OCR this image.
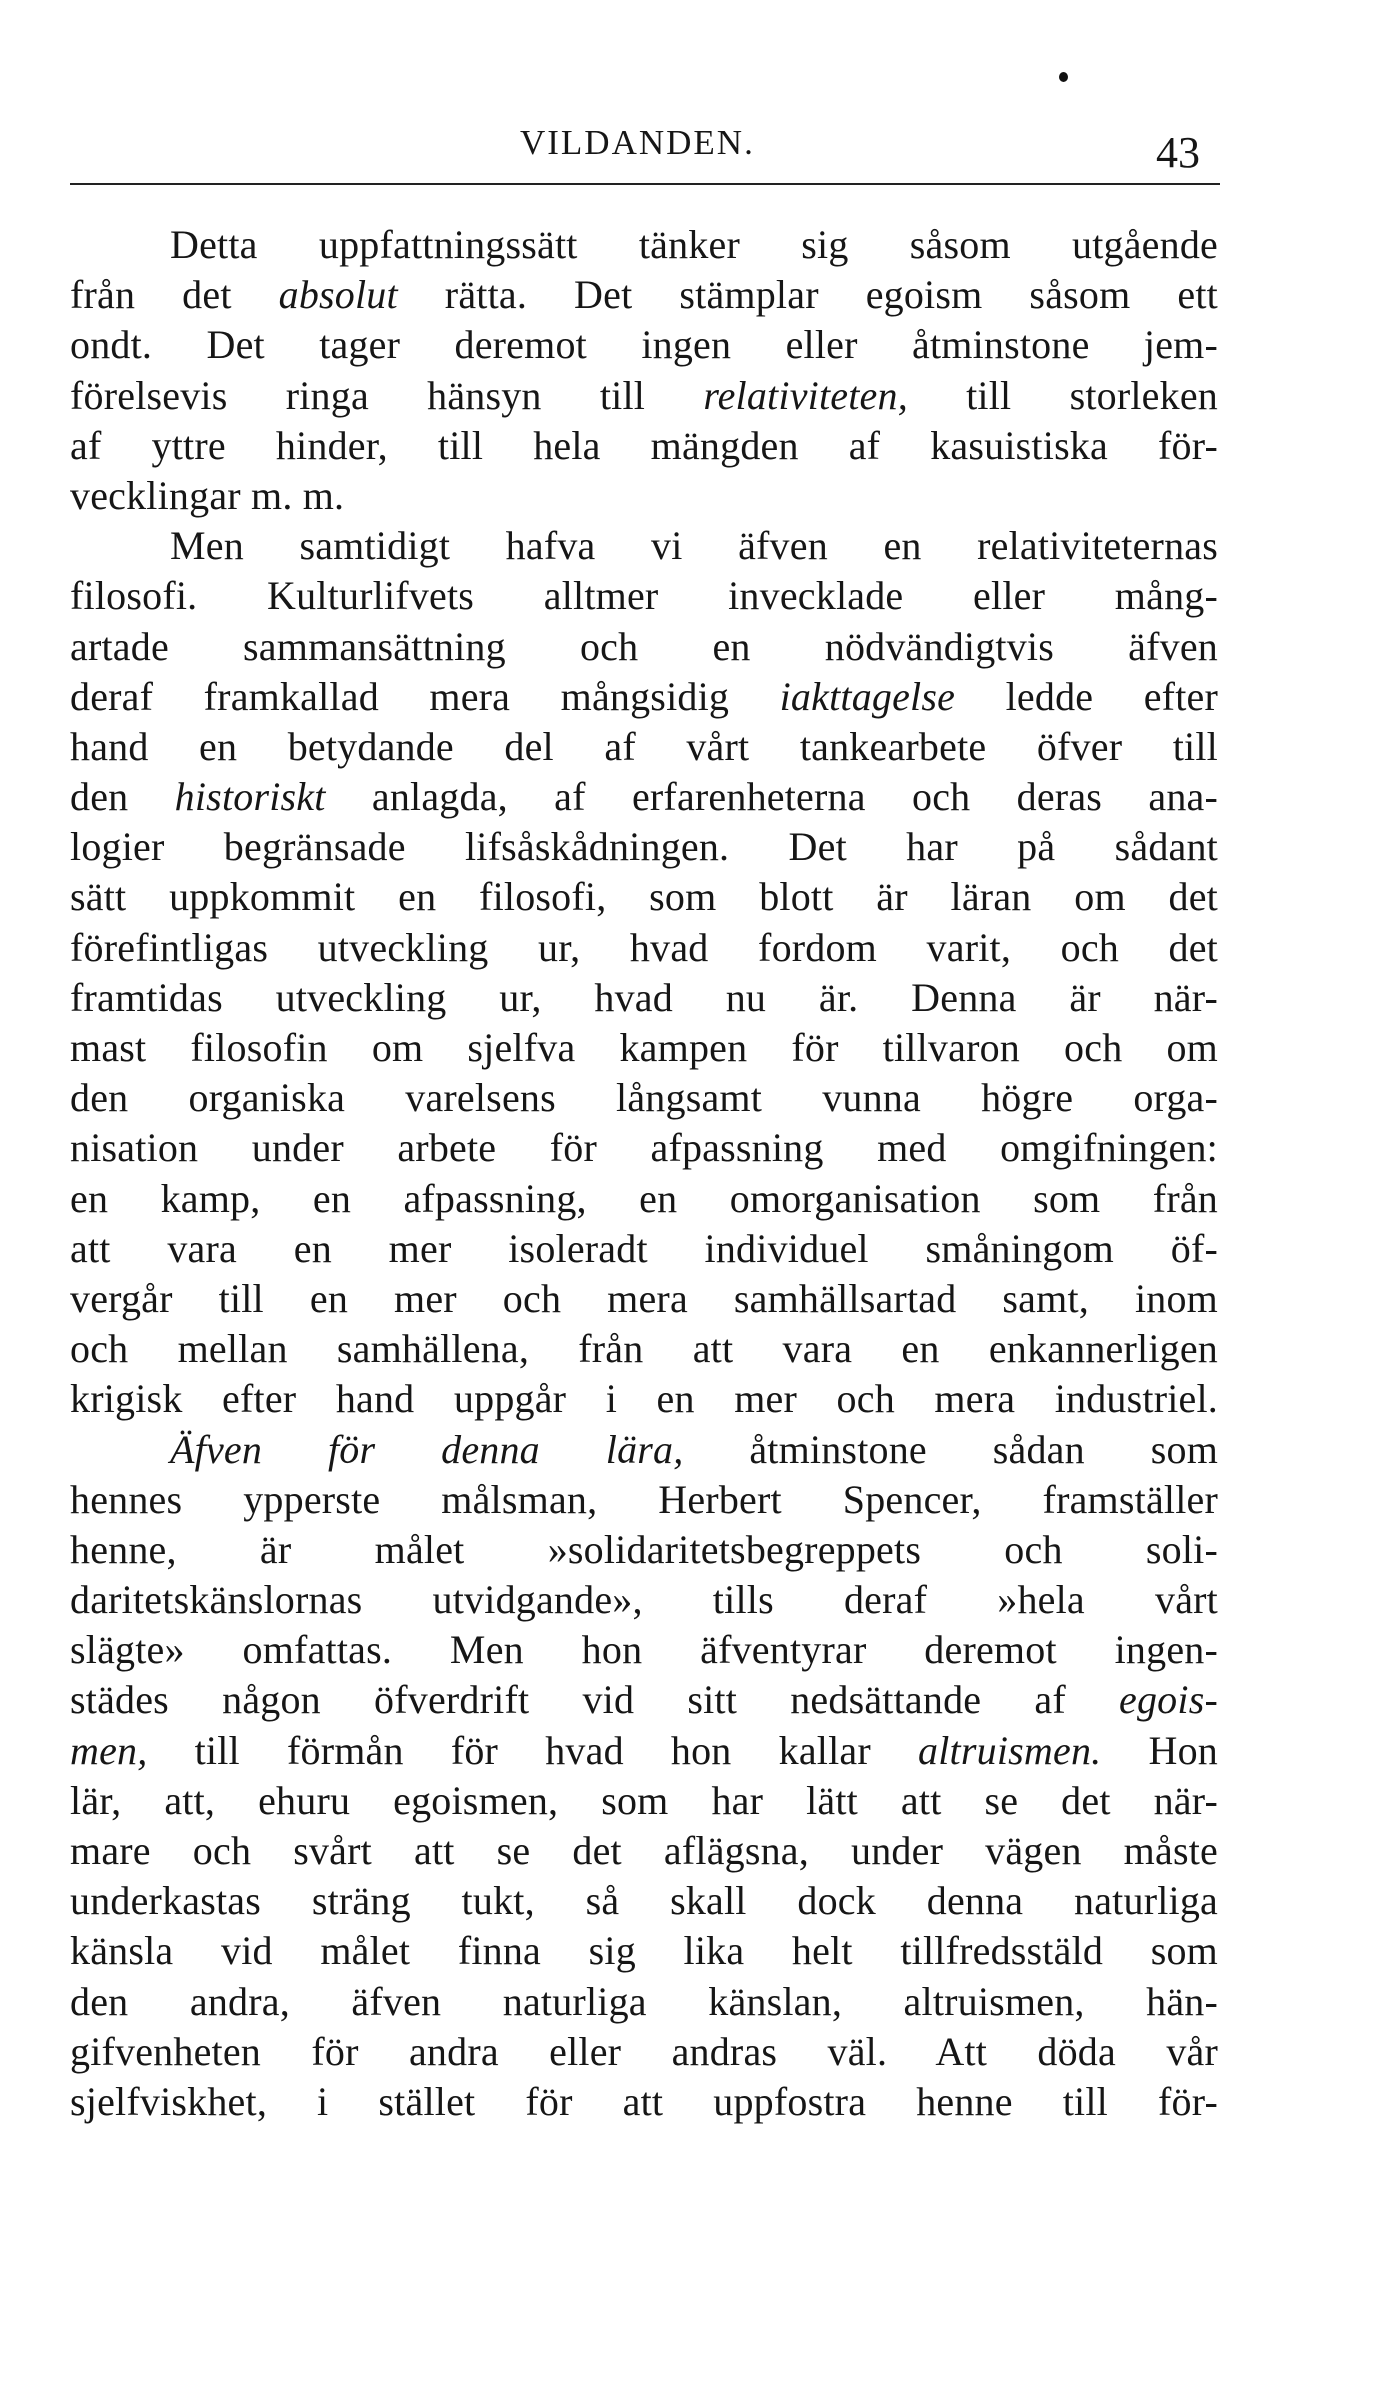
VILDANDEN.	43
Detta uppfattningssätt tänker sig såsom utgående
från det absolut rätta. Det stämplar egoism såsom ett
ondt. Det tager deremot ingen eller åtminstone jem-
förelsevis ringa hänsyn till relativiteten, till storleken
af yttre hinder, till hela mängden af kasuistiska för-
vecklingar m. m.
Men samtidigt hafva vi äfven en relativiteternas
filosofi. Kulturlifvets alltmer invecklade eller mång-
artade sammansättning och en nödvändigtvis äfven
deraf framkallad mera mångsidig iakttagelse ledde efter
hand en betydande del af vårt tankearbete öfver till
den historiskt anlagda, af erfarenheterna och deras ana-
logier begränsade lifsåskådningen. Det har på sådant
sätt uppkommit en filosofi, som blott är läran om det
förefintligas utveckling ur, hvad fordom varit, och det
framtidas utveckling ur, hvad nu är. Denna är när-
mast filosofin om sjelfva kampen för tillvaron och om
den organiska varelsens långsamt vunna högre orga-
nisation under arbete för afpassning med omgifningen:
en kamp, en afpassning, en omorganisation som från
att vara en mer isoleradt individuel småningom öf-
vergår till en mer och mera samhällsartad samt, inom
och mellan samhällena, från att vara en enkannerligen
krigisk efter hand uppgår i en mer och mera industriel.
Äfven för denna lära, åtminstone sådan som
hennes ypperste målsman, Herbert Spencer, framställer
henne, är målet »solidaritetsbegreppets och soli-
daritetskänslornas utvidgande», tills deraf »hela vårt
slägte» omfattas. Men hon äfventyrar deremot ingen-
städes någon öfverdrift vid sitt nedsättande af egois-
men, till förmån för hvad hon kallar altruismen. Hon
lär, att, ehuru egoismen, som har lätt att se det när-
mare och svårt att se det aflägsna, under vägen måste
underkastas sträng tukt, så skall dock denna naturliga
känsla vid målet finna sig lika helt tillfredsstäld som
den andra, äfven naturliga känslan, altruismen, hän-
gifvenheten för andra eller andras väl. Att döda vår
sjelfviskhet, i stället för att uppfostra henne till för-
